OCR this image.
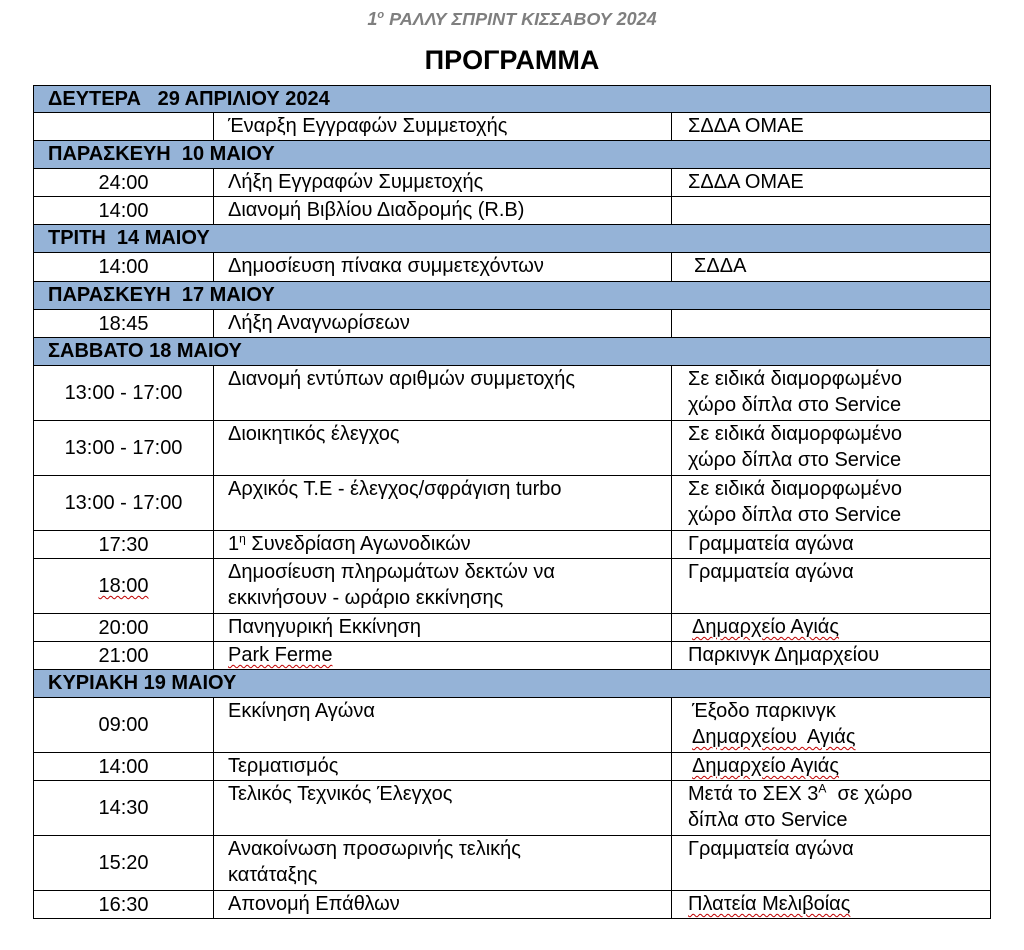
$1^o$ ΡΑΛΛΥ ΣΠΡΙΝΤ ΚΙΣΣΑΒΟΥ 2024
ΠΡΟΓΡΑΜΜΑ
ΔΕΥΤΕΡΑ   29 ΑΠΡΙΛΙΟΥ 2024		
	Έναρξη Εγγραφών Συμμετοχής	ΣΔΔΑ ΟΜΑΕ
ΠΑΡΑΣΚΕΥΗ  10 ΜΑΙΟΥ		
24:00	Λήξη Εγγραφών Συμμετοχής	ΣΔΔΑ ΟΜΑΕ
14:00	Διανομή Βιβλίου Διαδρομής (R.B)	
ΤΡΙΤΗ  14 ΜΑΙΟΥ		
14:00	Δημοσίευση πίνακα συμμετεχόντων	ΣΔΔΑ
ΠΑΡΑΣΚΕΥΗ  17 ΜΑΙΟΥ		
18:45	Λήξη Αναγνωρίσεων	
ΣΑΒΒΑΤΟ 18 ΜΑΙΟΥ		
13:00 - 17:00	Διανομή εντύπων αριθμών συμμετοχής	Σε ειδικά διαμορφωμένο
χώρο δίπλα στο Service

13:00 - 17:00	Διοικητικός έλεγχος	Σε ειδικά διαμορφωμένο
χώρο δίπλα στο Service

13:00 - 17:00	Αρχικός Τ.Ε - έλεγχος/σφράγιση turbo	Σε ειδικά διαμορφωμένο
χώρο δίπλα στο Service

17:30	$1^\eta$ Συνεδρίαση Αγωνοδικών	Γραμματεία αγώνα
18:00	Δημοσίευση πληρωμάτων δεκτών να
εκκινήσουν - ωράριο εκκίνησης	Γραμματεία αγώνα
20:00	Πανηγυρική Εκκίνηση	Δημαρχείο Αγιάς
21:00	Park Ferme	Παρκινγκ Δημαρχείου
ΚΥΡΙΑΚΗ 19 ΜΑΙΟΥ		
09:00	Εκκίνηση Αγώνα	Έξοδο παρκινγκ
Δημαρχείου  Αγιάς

14:00	Τερματισμός	Δημαρχείο Αγιάς
14:30	Τελικός Τεχνικός Έλεγχος	Μετά το ΣΕΧ $3^A$  σε χώρο
δίπλα στο Service

15:20	Ανακοίνωση προσωρινής τελικής
κατάταξης	Γραμματεία αγώνα
16:30	Απονομή Επάθλων	Πλατεία Μελιβοίας
